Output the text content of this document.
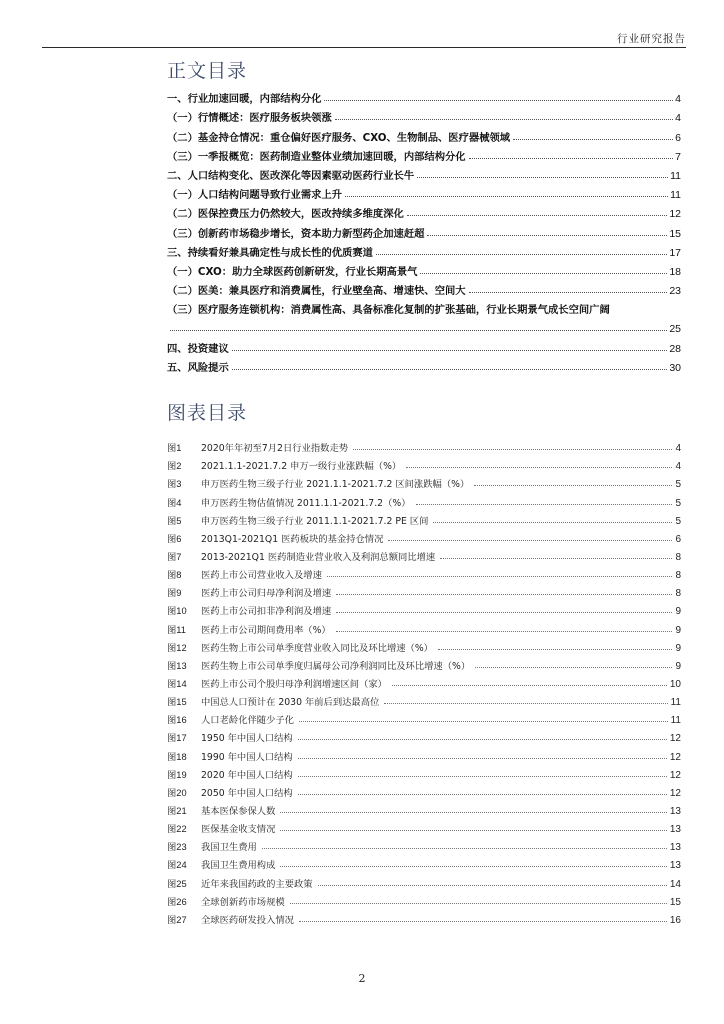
行业研究报告
正文目录
一、行业加速回暖，内部结构分化	4
（一）行情概述：医疗服务板块领涨	4
（二）基金持仓情况：重仓偏好医疗服务、CXO、生物制品、医疗器械领域	6
（三）一季报概览：医药制造业整体业绩加速回暖，内部结构分化	7
二、人口结构变化、医改深化等因素驱动医药行业长牛	11
（一）人口结构问题导致行业需求上升	11
（二）医保控费压力仍然较大，医改持续多维度深化	12
（三）创新药市场稳步增长，资本助力新型药企加速赶超	15
三、持续看好兼具确定性与成长性的优质赛道	17
（一）CXO：助力全球医药创新研发，行业长期高景气	18
（二）医美：兼具医疗和消费属性，行业壁垒高、增速快、空间大	23
（三）医疗服务连锁机构：消费属性高、具备标准化复制的扩张基础，行业长期景气成长空间广阔
25
四、投资建议	28
五、风险提示	30
图表目录
图1	2020年年初至7月2日行业指数走势	4
图2	2021.1.1-2021.7.2 申万一级行业涨跌幅（%）	4
图3	申万医药生物三级子行业 2021.1.1-2021.7.2 区间涨跌幅（%）	5
图4	申万医药生物估值情况 2011.1.1-2021.7.2（%）	5
图5	申万医药生物三级子行业 2011.1.1-2021.7.2 PE 区间	5
图6	2013Q1-2021Q1 医药板块的基金持仓情况	6
图7	2013-2021Q1 医药制造业营业收入及利润总额同比增速	8
图8	医药上市公司营业收入及增速	8
图9	医药上市公司归母净利润及增速	8
图10	医药上市公司扣非净利润及增速	9
图11	医药上市公司期间费用率（%）	9
图12	医药生物上市公司单季度营业收入同比及环比增速（%）	9
图13	医药生物上市公司单季度归属母公司净利润同比及环比增速（%）	9
图14	医药上市公司个股归母净利润增速区间（家）	10
图15	中国总人口预计在 2030 年前后到达最高位	11
图16	人口老龄化伴随少子化	11
图17	1950 年中国人口结构	12
图18	1990 年中国人口结构	12
图19	2020 年中国人口结构	12
图20	2050 年中国人口结构	12
图21	基本医保参保人数	13
图22	医保基金收支情况	13
图23	我国卫生费用	13
图24	我国卫生费用构成	13
图25	近年来我国药政的主要政策	14
图26	全球创新药市场规模	15
图27	全球医药研发投入情况	16
2
